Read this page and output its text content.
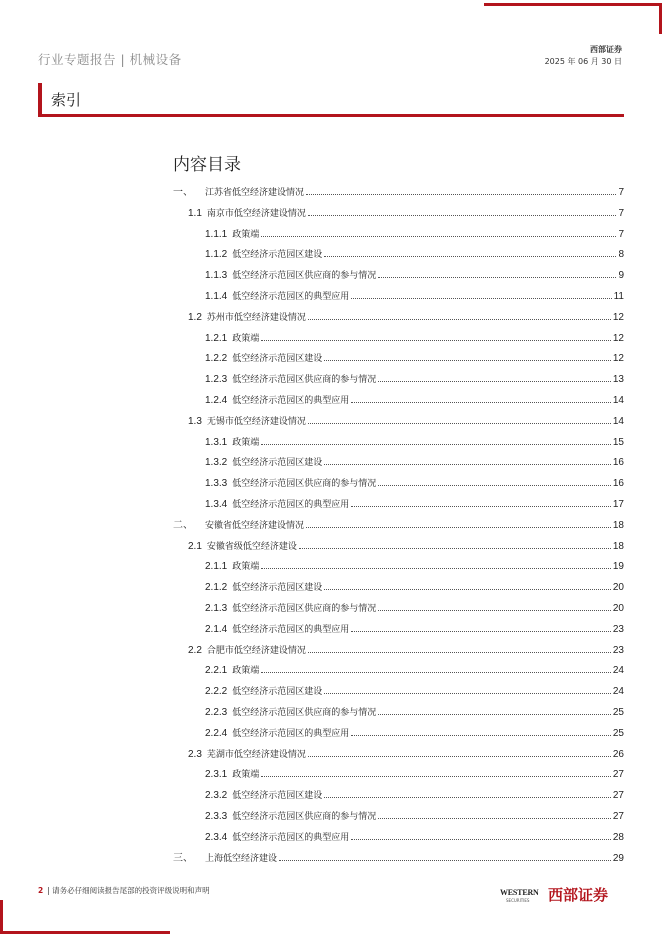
行业专题报告 | 机械设备
西部证券
2025 年 06 月 30 日
索引
内容目录
一、 江苏省低空经济建设情况	7
1.1 南京市低空经济建设情况	7
1.1.1 政策端	7
1.1.2 低空经济示范园区建设	8
1.1.3 低空经济示范园区供应商的参与情况	9
1.1.4 低空经济示范园区的典型应用	11
1.2 苏州市低空经济建设情况	12
1.2.1 政策端	12
1.2.2 低空经济示范园区建设	12
1.2.3 低空经济示范园区供应商的参与情况	13
1.2.4 低空经济示范园区的典型应用	14
1.3 无锡市低空经济建设情况	14
1.3.1 政策端	15
1.3.2 低空经济示范园区建设	16
1.3.3 低空经济示范园区供应商的参与情况	16
1.3.4 低空经济示范园区的典型应用	17
二、 安徽省低空经济建设情况	18
2.1 安徽省级低空经济建设	18
2.1.1 政策端	19
2.1.2 低空经济示范园区建设	20
2.1.3 低空经济示范园区供应商的参与情况	20
2.1.4 低空经济示范园区的典型应用	23
2.2 合肥市低空经济建设情况	23
2.2.1 政策端	24
2.2.2 低空经济示范园区建设	24
2.2.3 低空经济示范园区供应商的参与情况	25
2.2.4 低空经济示范园区的典型应用	25
2.3 芜湖市低空经济建设情况	26
2.3.1 政策端	27
2.3.2 低空经济示范园区建设	27
2.3.3 低空经济示范园区供应商的参与情况	27
2.3.4 低空经济示范园区的典型应用	28
三、 上海低空经济建设	29
2 | 请务必仔细阅读报告尾部的投资评级说明和声明	WESTERN
SECURITIES 西部证券
